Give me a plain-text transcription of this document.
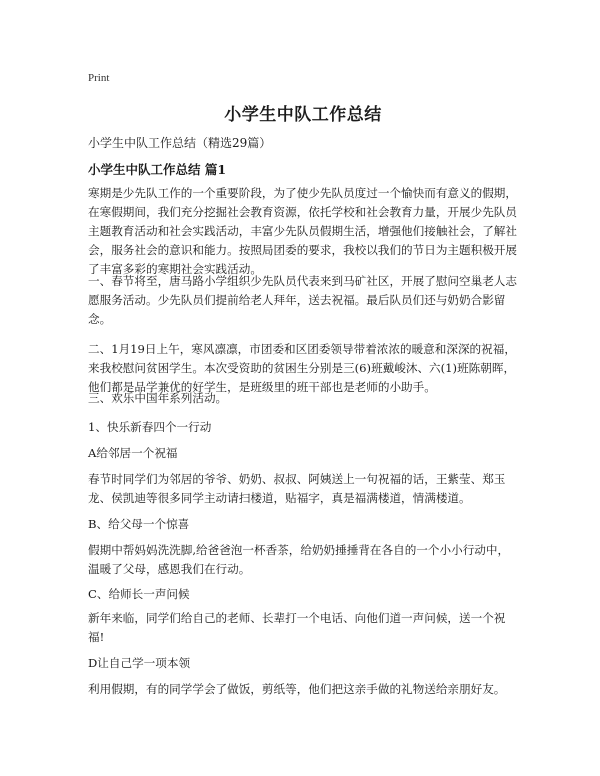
Print
小学生中队工作总结
小学生中队工作总结（精选29篇）
小学生中队工作总结 篇1
寒期是少先队工作的一个重要阶段，为了使少先队员度过一个愉快而有意义的假期，在寒假期间，我们充分挖掘社会教育资源，依托学校和社会教育力量，开展少先队员主题教育活动和社会实践活动，丰富少先队员假期生活，增强他们接触社会，了解社会，服务社会的意识和能力。按照局团委的要求，我校以我们的节日为主题积极开展了丰富多彩的寒期社会实践活动。
一、春节将至，唐马路小学组织少先队员代表来到马矿社区，开展了慰问空巢老人志愿服务活动。少先队员们提前给老人拜年，送去祝福。最后队员们还与奶奶合影留念。
二、1月19日上午，寒风凛凛，市团委和区团委领导带着浓浓的暖意和深深的祝福，来我校慰问贫困学生。本次受资助的贫困生分别是三(6)班戴峻沐、六(1)班陈朝晖，他们都是品学兼优的好学生，是班级里的班干部也是老师的小助手。
三、欢乐中国年系列活动。
1、快乐新春四个一行动
A给邻居一个祝福
春节时同学们为邻居的爷爷、奶奶、叔叔、阿姨送上一句祝福的话，王紫莹、郑玉龙、侯凯迪等很多同学主动请扫楼道，贴福字，真是福满楼道，情满楼道。
B、给父母一个惊喜
假期中帮妈妈洗洗脚,给爸爸泡一杯香茶，给奶奶捶捶背在各自的一个小小行动中，温暖了父母，感恩我们在行动。
C、给师长一声问候
新年来临，同学们给自己的老师、长辈打一个电话、向他们道一声问候，送一个祝福!
D让自己学一项本领
利用假期，有的同学学会了做饭，剪纸等，他们把这亲手做的礼物送给亲朋好友。
